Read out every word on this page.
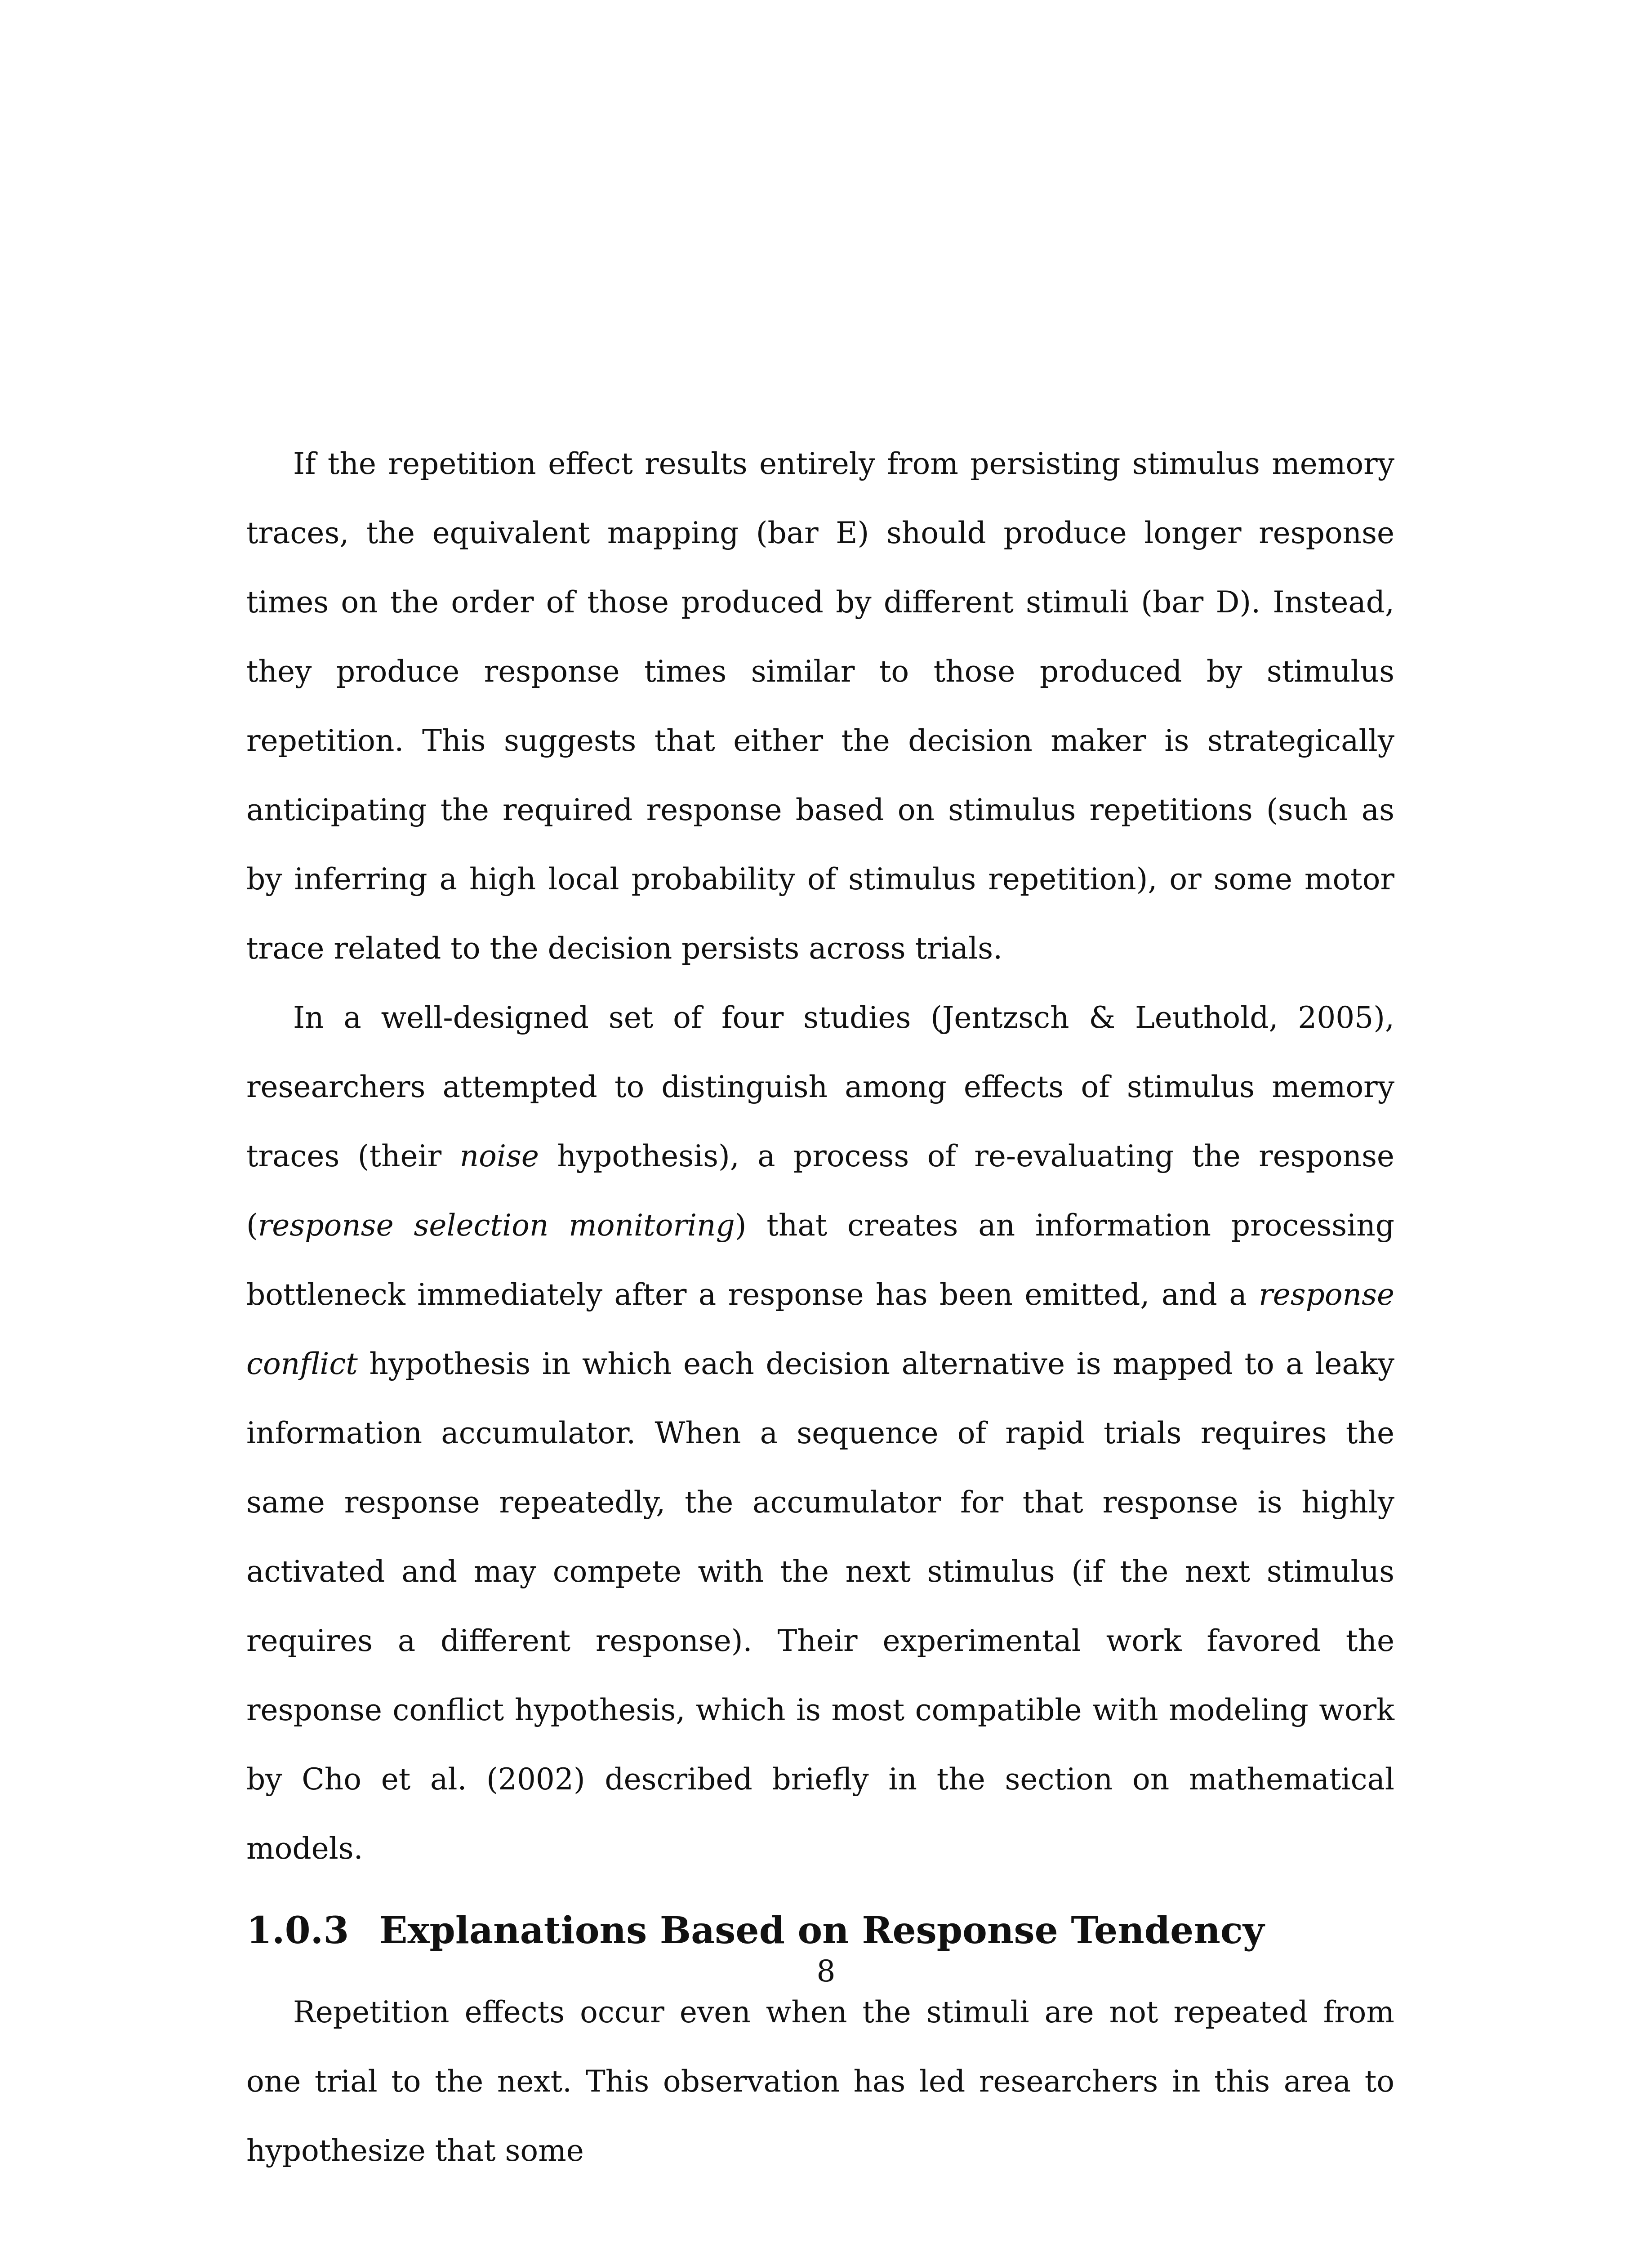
If the repetition effect results entirely from persisting stimulus memory traces, the equivalent mapping (bar E) should produce longer response times on the order of those produced by different stimuli (bar D). Instead, they produce response times similar to those produced by stimulus repetition. This suggests that either the decision maker is strategically anticipating the required response based on stimulus repetitions (such as by inferring a high local probability of stimulus repetition), or some motor trace related to the decision persists across trials.

In a well-designed set of four studies (Jentzsch & Leuthold, 2005), researchers attempted to distinguish among effects of stimulus memory traces (their noise hypothesis), a process of re-evaluating the response (response selection monitoring) that creates an information processing bottleneck immediately after a response has been emitted, and a response conflict hypothesis in which each decision alternative is mapped to a leaky information accumulator. When a sequence of rapid trials requires the same response repeatedly, the accumulator for that response is highly activated and may compete with the next stimulus (if the next stimulus requires a different response). Their experimental work favored the response conflict hypothesis, which is most compatible with modeling work by Cho et al. (2002) described briefly in the section on mathematical models.

1.0.3 Explanations Based on Response Tendency

Repetition effects occur even when the stimuli are not repeated from one trial to the next. This observation has led researchers in this area to hypothesize that some

8
